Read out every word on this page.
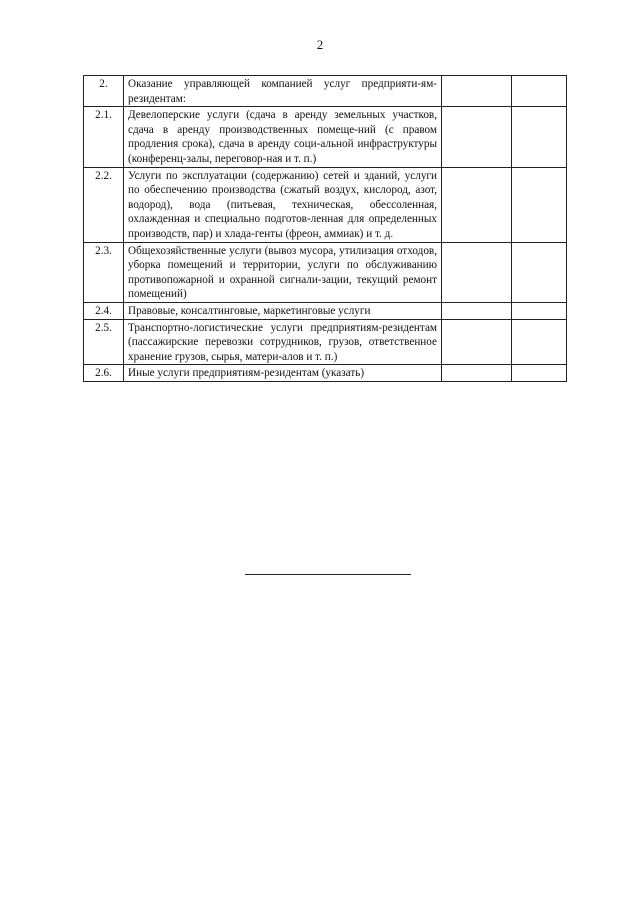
2
2.	Оказание управляющей компанией услуг предприяти-ям-резидентам:		
2.1.	Девелоперские услуги (сдача в аренду земельных участков, сдача в аренду производственных помеще-ний (с правом продления срока), сдача в аренду соци-альной инфраструктуры (конференц-залы, переговор-ная и т. п.)		
2.2.	Услуги по эксплуатации (содержанию) сетей и зданий, услуги по обеспечению производства (сжатый воздух, кислород, азот, водород), вода (питьевая, техническая, обессоленная, охлажденная и специально подготов-ленная для определенных производств, пар) и хлада-генты (фреон, аммиак) и т. д.		
2.3.	Общехозяйственные услуги (вывоз мусора, утилизация отходов, уборка помещений и территории, услуги по обслуживанию противопожарной и охранной сигнали-зации, текущий ремонт помещений)		
2.4.	Правовые, консалтинговые, маркетинговые услуги		
2.5.	Транспортно-логистические услуги предприятиям-резидентам (пассажирские перевозки сотрудников, грузов, ответственное хранение грузов, сырья, матери-алов и т. п.)		
2.6.	Иные услуги предприятиям-резидентам (указать)		
